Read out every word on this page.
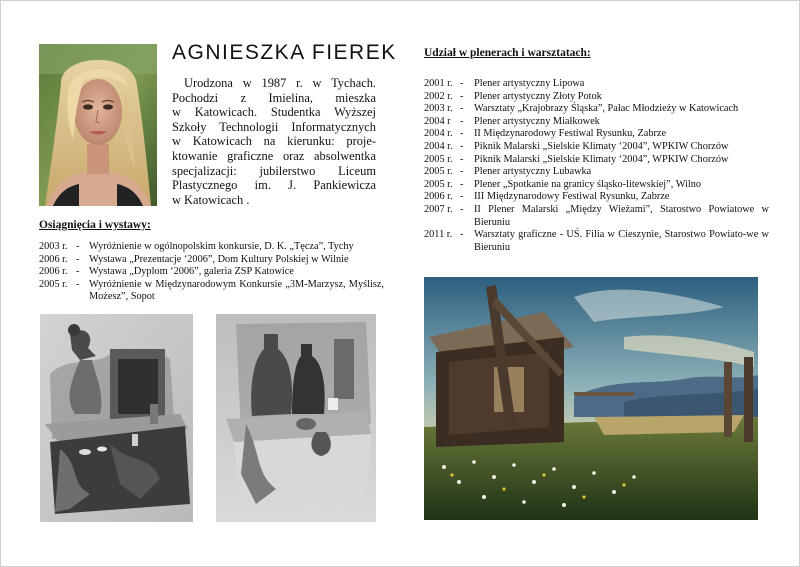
AGNIESZKA FIEREK
Urodzona w 1987 r. w Tychach.
Pochodzi z Imielina, mieszka
w Katowicach. Studentka Wyższej
Szkoły Technologii Informatycznych
w Katowicach na kierunku: proje-
ktowanie graficzne oraz absolwentka
specjalizacji: jubilerstwo Liceum
Plastycznego im. J. Pankiewicza
w Katowicach .
Osiągnięcia i wystawy:
2003 r. - Wyróżnienie w ogólnopolskim konkursie, D. K. „Tęcza”, Tychy
2006 r. - Wystawa „Prezentacje ‘2006”, Dom Kultury Polskiej w Wilnie
2006 r. - Wystawa „Dyplom ‘2006”, galeria ZSP Katowice
2005 r. - Wyróżnienie w Międzynarodowym Konkursie „3M-Marzysz, Myślisz, Możesz”, Sopot
Udział w plenerach i warsztatach:
2001 r. -	Plener artystyczny Lipowa
2002 r. -	Plener artystyczny Złoty Potok
2003 r. -	Warsztaty „Krajobrazy Śląska”, Pałac Młodzieży w Katowicach
2004 r -	Plener artystyczny Miałkowek
2004 r. -	II Międzynarodowy Festiwal Rysunku, Zabrze
2004 r. -	Piknik Malarski „Sielskie Klimaty ‘2004”, WPKIW Chorzów
2005 r. -	Piknik Malarski „Sielskie Klimaty ‘2004”, WPKIW Chorzów
2005 r. -	Plener artystyczny Lubawka
2005 r. -	Plener „Spotkanie na granicy śląsko-litewskiej”, Wilno
2006 r. -	III Międzynarodowy Festiwal Rysunku, Zabrze
2007 r. -	II Plener Malarski „Między Wieżami”, Starostwo Powiatowe w Bieruniu
2011 r. -	Warsztaty graficzne - UŚ. Filia w Cieszynie, Starostwo Powiato-we w Bieruniu
